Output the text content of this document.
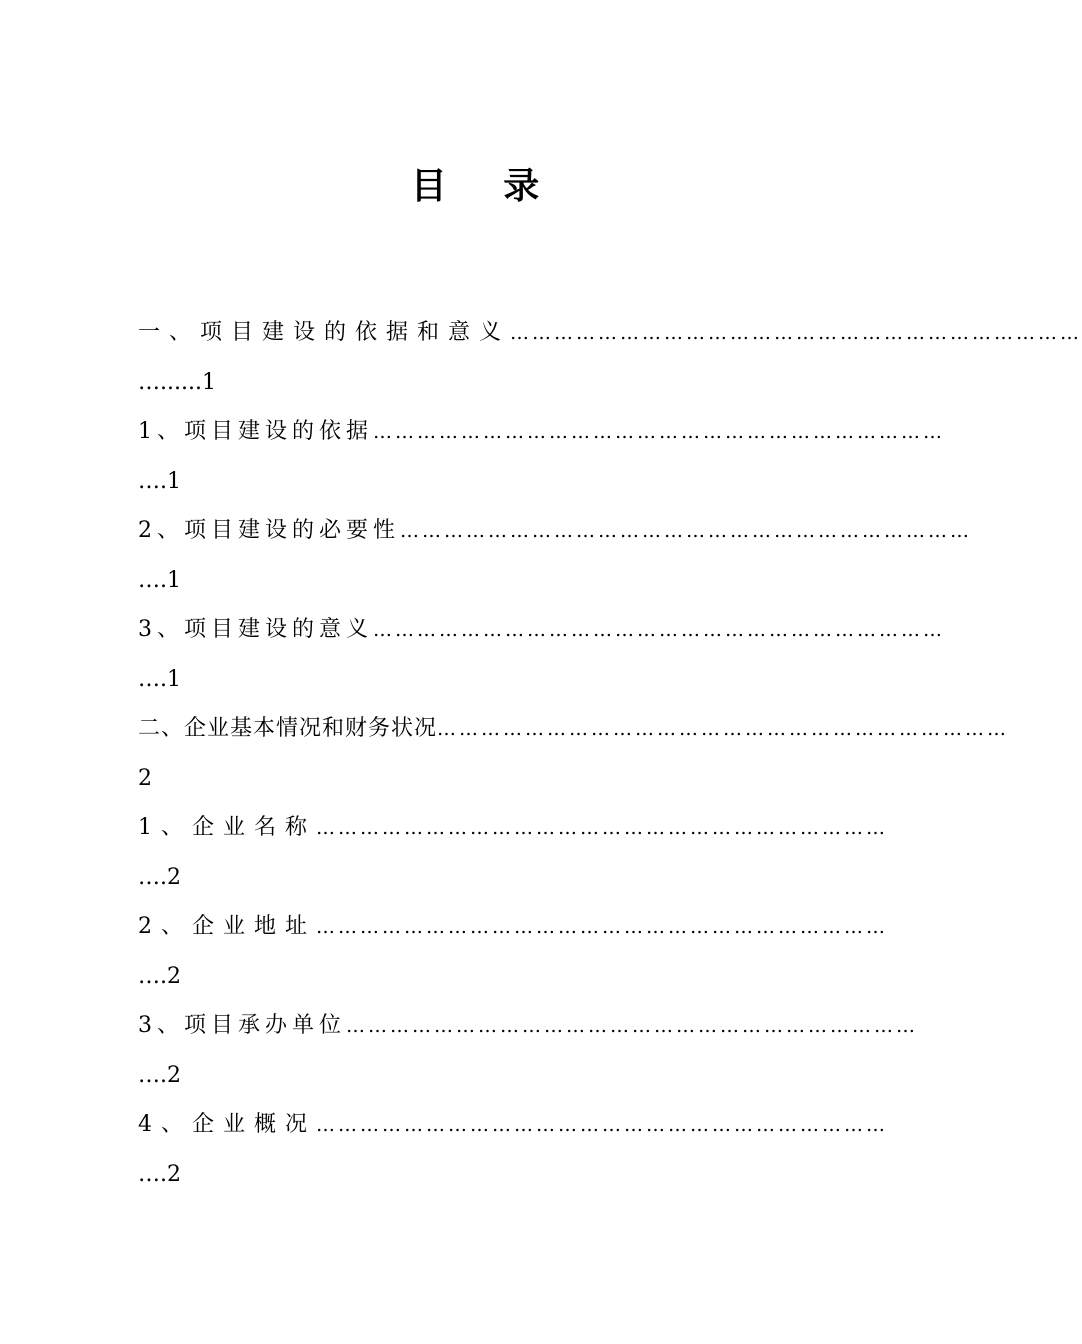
目 录
一、项目建设的依据和意义 ……………………………………………………………………
…......1
1、项目建设的依据 ……………………………………………………………………
….1
2、项目建设的必要性 ……………………………………………………………………
….1
3、项目建设的意义 ……………………………………………………………………
….1
二、企业基本情况和财务状况 ……………………………………………………………………
2
1、企业名称 ……………………………………………………………………
….2
2、企业地址 ……………………………………………………………………
….2
3、项目承办单位 ……………………………………………………………………
….2
4、企业概况 ……………………………………………………………………
….2
